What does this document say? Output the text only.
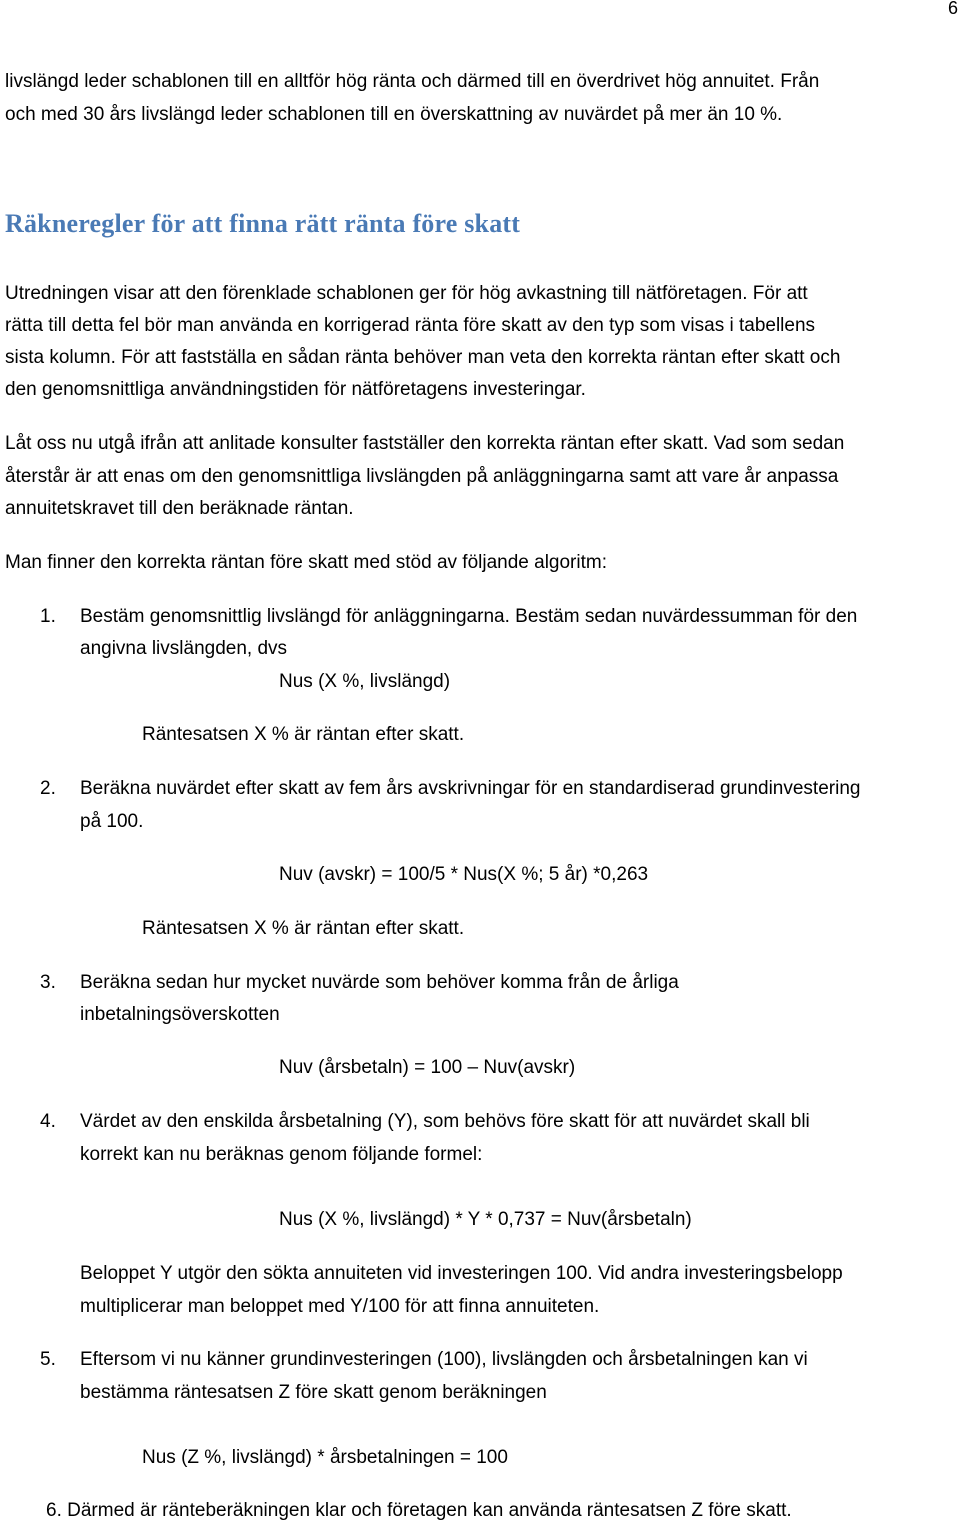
6

livslängd leder schablonen till en alltför hög ränta och därmed till en överdrivet hög annuitet. Från

och med 30 års livslängd leder schablonen till en överskattning av nuvärdet på mer än 10 %.

Räkneregler för att finna rätt ränta före skatt

Utredningen visar att den förenklade schablonen ger för hög avkastning till nätföretagen. För att

rätta till detta fel bör man använda en korrigerad ränta före skatt av den typ som visas i tabellens

sista kolumn. För att fastställa en sådan ränta behöver man veta den korrekta räntan efter skatt och

den genomsnittliga användningstiden för nätföretagens investeringar.

Låt oss nu utgå ifrån att anlitade konsulter fastställer den korrekta räntan efter skatt. Vad som sedan

återstår är att enas om den genomsnittliga livslängden på anläggningarna samt att vare år anpassa

annuitetskravet till den beräknade räntan.

Man finner den korrekta räntan före skatt med stöd av följande algoritm:

1. Bestäm genomsnittlig livslängd för anläggningarna. Bestäm sedan nuvärdessumman för den

angivna livslängden, dvs

Nus (X %, livslängd)

Räntesatsen X % är räntan efter skatt.

2. Beräkna nuvärdet efter skatt av fem års avskrivningar för en standardiserad grundinvestering

på 100.

Nuv (avskr) = 100/5 * Nus(X %; 5 år) *0,263

Räntesatsen X % är räntan efter skatt.

3. Beräkna sedan hur mycket nuvärde som behöver komma från de årliga

inbetalningsöverskotten

Nuv (årsbetaln) = 100 – Nuv(avskr)

4. Värdet av den enskilda årsbetalning (Y), som behövs före skatt för att nuvärdet skall bli

korrekt kan nu beräknas genom följande formel:

Nus (X %, livslängd) * Y * 0,737 = Nuv(årsbetaln)

Beloppet Y utgör den sökta annuiteten vid investeringen 100. Vid andra investeringsbelopp

multiplicerar man beloppet med Y/100 för att finna annuiteten.

5. Eftersom vi nu känner grundinvesteringen (100), livslängden och årsbetalningen kan vi

bestämma räntesatsen Z före skatt genom beräkningen

Nus (Z %, livslängd) * årsbetalningen = 100

6. Därmed är ränteberäkningen klar och företagen kan använda räntesatsen Z före skatt.
